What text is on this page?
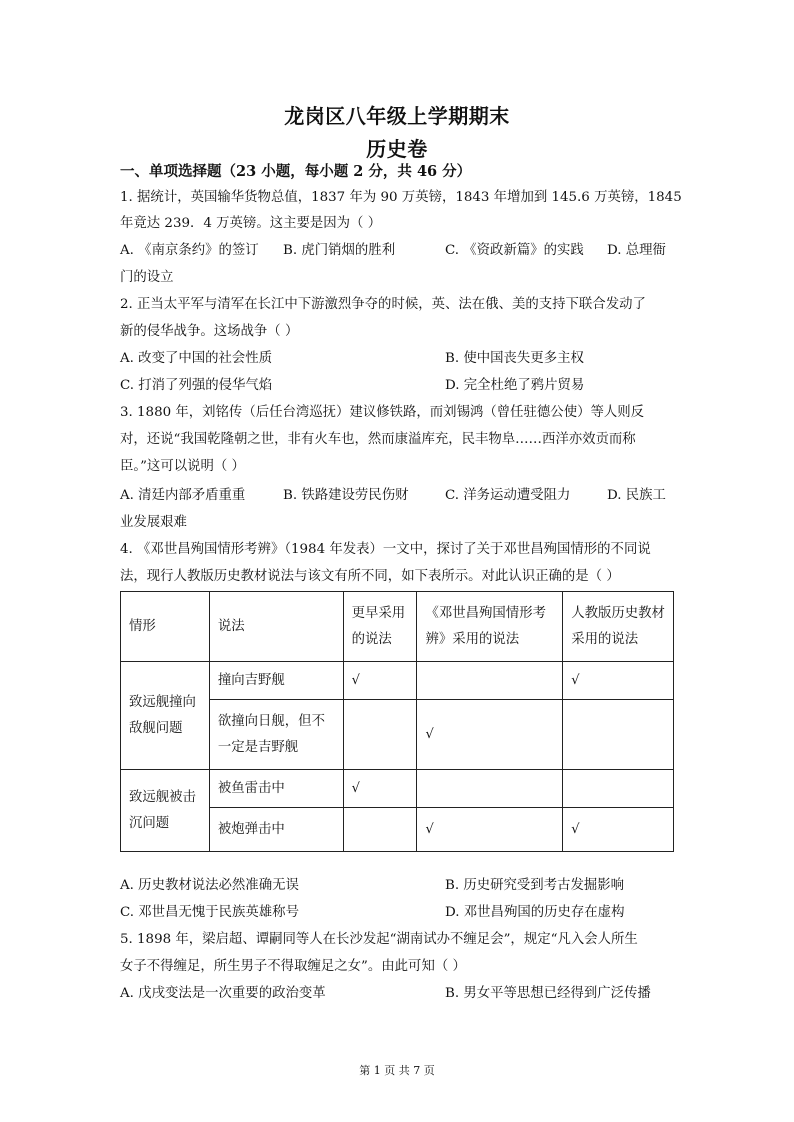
龙岗区八年级上学期期末
历史卷
一、单项选择题（23 小题，每小题 2 分，共 46 分）
1. 据统计，英国输华货物总值，1837 年为 90 万英镑，1843 年增加到 145.6 万英镑，1845
年竟达 239．4 万英镑。这主要是因为（ ）
A. 《南京条约》的签订 B. 虎门销烟的胜利	C. 《资政新篇》的实践 D. 总理衙
门的设立
2. 正当太平军与清军在长江中下游激烈争夺的时候，英、法在俄、美的支持下联合发动了
新的侵华战争。这场战争（ ）
A. 改变了中国的社会性质	B. 使中国丧失更多主权
C. 打消了列强的侵华气焰	D. 完全杜绝了鸦片贸易
3. 1880 年，刘铭传（后任台湾巡抚）建议修铁路，而刘锡鸿（曾任驻德公使）等人则反
对，还说“我国乾隆朝之世，非有火车也，然而康溢库充，民丰物阜……西洋亦效贡而称
臣。”这可以说明（ ）
A. 清廷内部矛盾重重	B. 铁路建设劳民伤财	C. 洋务运动遭受阻力	D. 民族工
业发展艰难
4. 《邓世昌殉国情形考辨》（1984 年发表）一文中，探讨了关于邓世昌殉国情形的不同说
法，现行人教版历史教材说法与该文有所不同，如下表所示。对此认识正确的是（ ）
情形	说法	更早采用的说法	《邓世昌殉国情形考辨》采用的说法	人教版历史教材采用的说法
致远舰撞向敌舰问题	撞向吉野舰	√		√
	欲撞向日舰，但不一定是吉野舰		√	
致远舰被击沉问题	被鱼雷击中	√		
	被炮弹击中		√	√
A. 历史教材说法必然准确无误	B. 历史研究受到考古发掘影响
C. 邓世昌无愧于民族英雄称号	D. 邓世昌殉国的历史存在虚构
5. 1898 年，梁启超、谭嗣同等人在长沙发起“湖南试办不缠足会”，规定“凡入会人所生
女子不得缠足，所生男子不得取缠足之女”。由此可知（ ）
A. 戊戌变法是一次重要的政治变革	B. 男女平等思想已经得到广泛传播
第 1 页 共 7 页
